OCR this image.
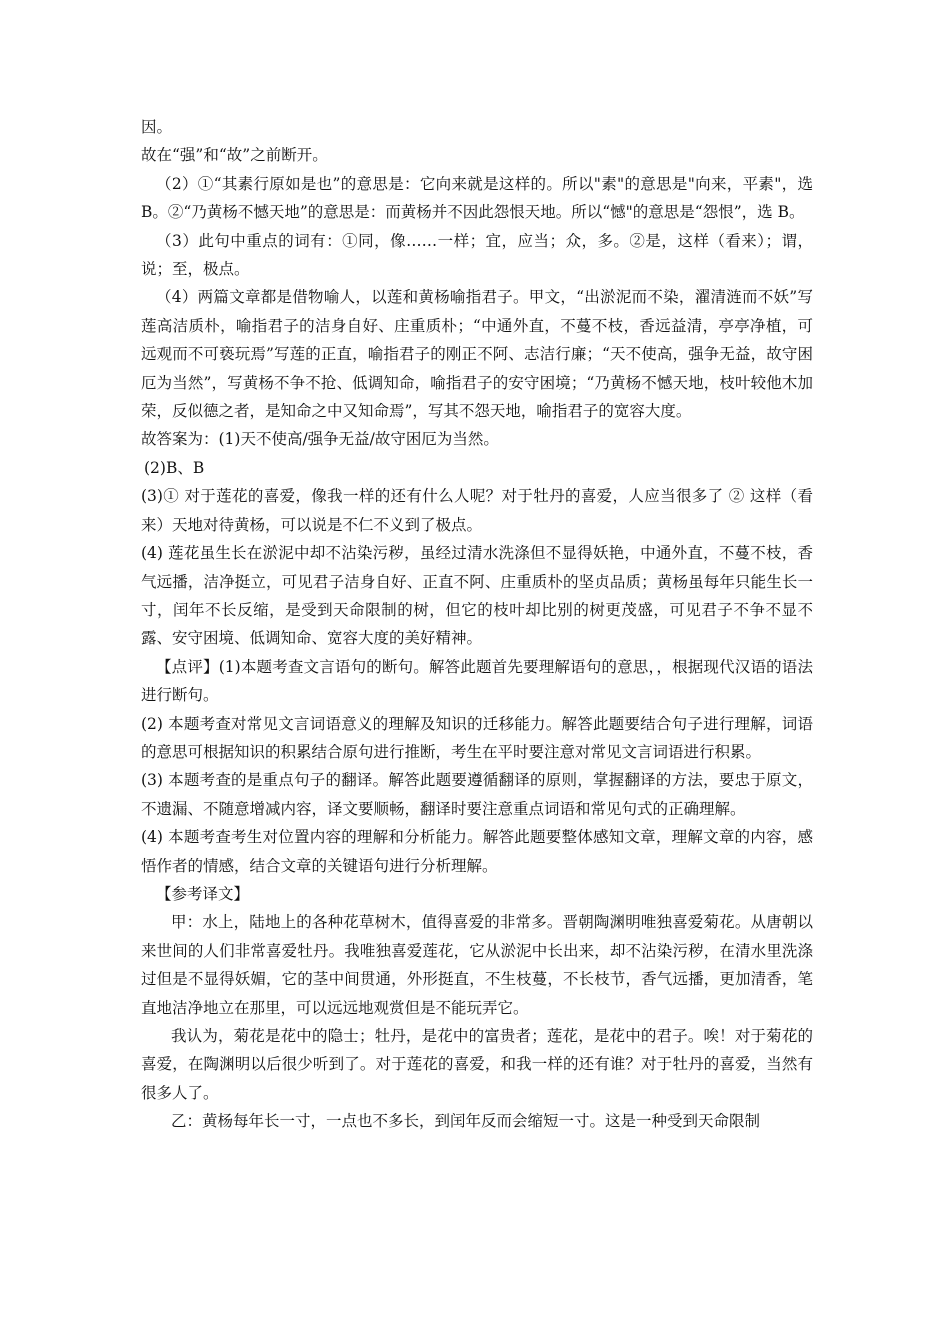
因。

故在“强”和“故”之前断开。

（2）①“其素行原如是也”的意思是：它向来就是这样的。所以"素"的意思是"向来，平素"，选 B。②“乃黄杨不憾天地”的意思是：而黄杨并不因此怨恨天地。所以“憾"的意思是“怨恨”，选 B。

（3）此句中重点的词有：①同，像……一样；宜，应当；众，多。②是，这样（看来）；谓，说；至，极点。

（4）两篇文章都是借物喻人，以莲和黄杨喻指君子。甲文，“出淤泥而不染，濯清涟而不妖”写莲高洁质朴，喻指君子的洁身自好、庄重质朴；“中通外直，不蔓不枝，香远益清，亭亭净植，可远观而不可亵玩焉”写莲的正直，喻指君子的刚正不阿、志洁行廉；“天不使高，强争无益，故守困厄为当然”，写黄杨不争不抢、低调知命，喻指君子的安守困境；“乃黄杨不憾天地，枝叶较他木加荣，反似德之者，是知命之中又知命焉”，写其不怨天地，喻指君子的宽容大度。

故答案为：(1)天不使高/强争无益/故守困厄为当然。

(2)B、B

(3)① 对于莲花的喜爱，像我一样的还有什么人呢？对于牡丹的喜爱，人应当很多了 ② 这样（看来）天地对待黄杨，可以说是不仁不义到了极点。

(4) 莲花虽生长在淤泥中却不沾染污秽，虽经过清水洗涤但不显得妖艳，中通外直，不蔓不枝，香气远播，洁净挺立，可见君子洁身自好、正直不阿、庄重质朴的坚贞品质；黄杨虽每年只能生长一寸，闰年不长反缩，是受到天命限制的树，但它的枝叶却比别的树更茂盛，可见君子不争不显不露、安守困境、低调知命、宽容大度的美好精神。

【点评】(1)本题考查文言语句的断句。解答此题首先要理解语句的意思，，根据现代汉语的语法进行断句。

(2) 本题考查对常见文言词语意义的理解及知识的迁移能力。解答此题要结合句子进行理解，词语的意思可根据知识的积累结合原句进行推断，考生在平时要注意对常见文言词语进行积累。

(3) 本题考查的是重点句子的翻译。解答此题要遵循翻译的原则，掌握翻译的方法，要忠于原文，不遗漏、不随意增减内容，译文要顺畅，翻译时要注意重点词语和常见句式的正确理解。

(4) 本题考查考生对位置内容的理解和分析能力。解答此题要整体感知文章，理解文章的内容，感悟作者的情感，结合文章的关键语句进行分析理解。

【参考译文】

甲：水上，陆地上的各种花草树木，值得喜爱的非常多。晋朝陶渊明唯独喜爱菊花。从唐朝以来世间的人们非常喜爱牡丹。我唯独喜爱莲花，它从淤泥中长出来，却不沾染污秽，在清水里洗涤过但是不显得妖媚，它的茎中间贯通，外形挺直，不生枝蔓，不长枝节，香气远播，更加清香，笔直地洁净地立在那里，可以远远地观赏但是不能玩弄它。

我认为，菊花是花中的隐士；牡丹，是花中的富贵者；莲花，是花中的君子。唉！对于菊花的喜爱，在陶渊明以后很少听到了。对于莲花的喜爱，和我一样的还有谁？对于牡丹的喜爱，当然有很多人了。

乙：黄杨每年长一寸，一点也不多长，到闰年反而会缩短一寸。这是一种受到天命限制
